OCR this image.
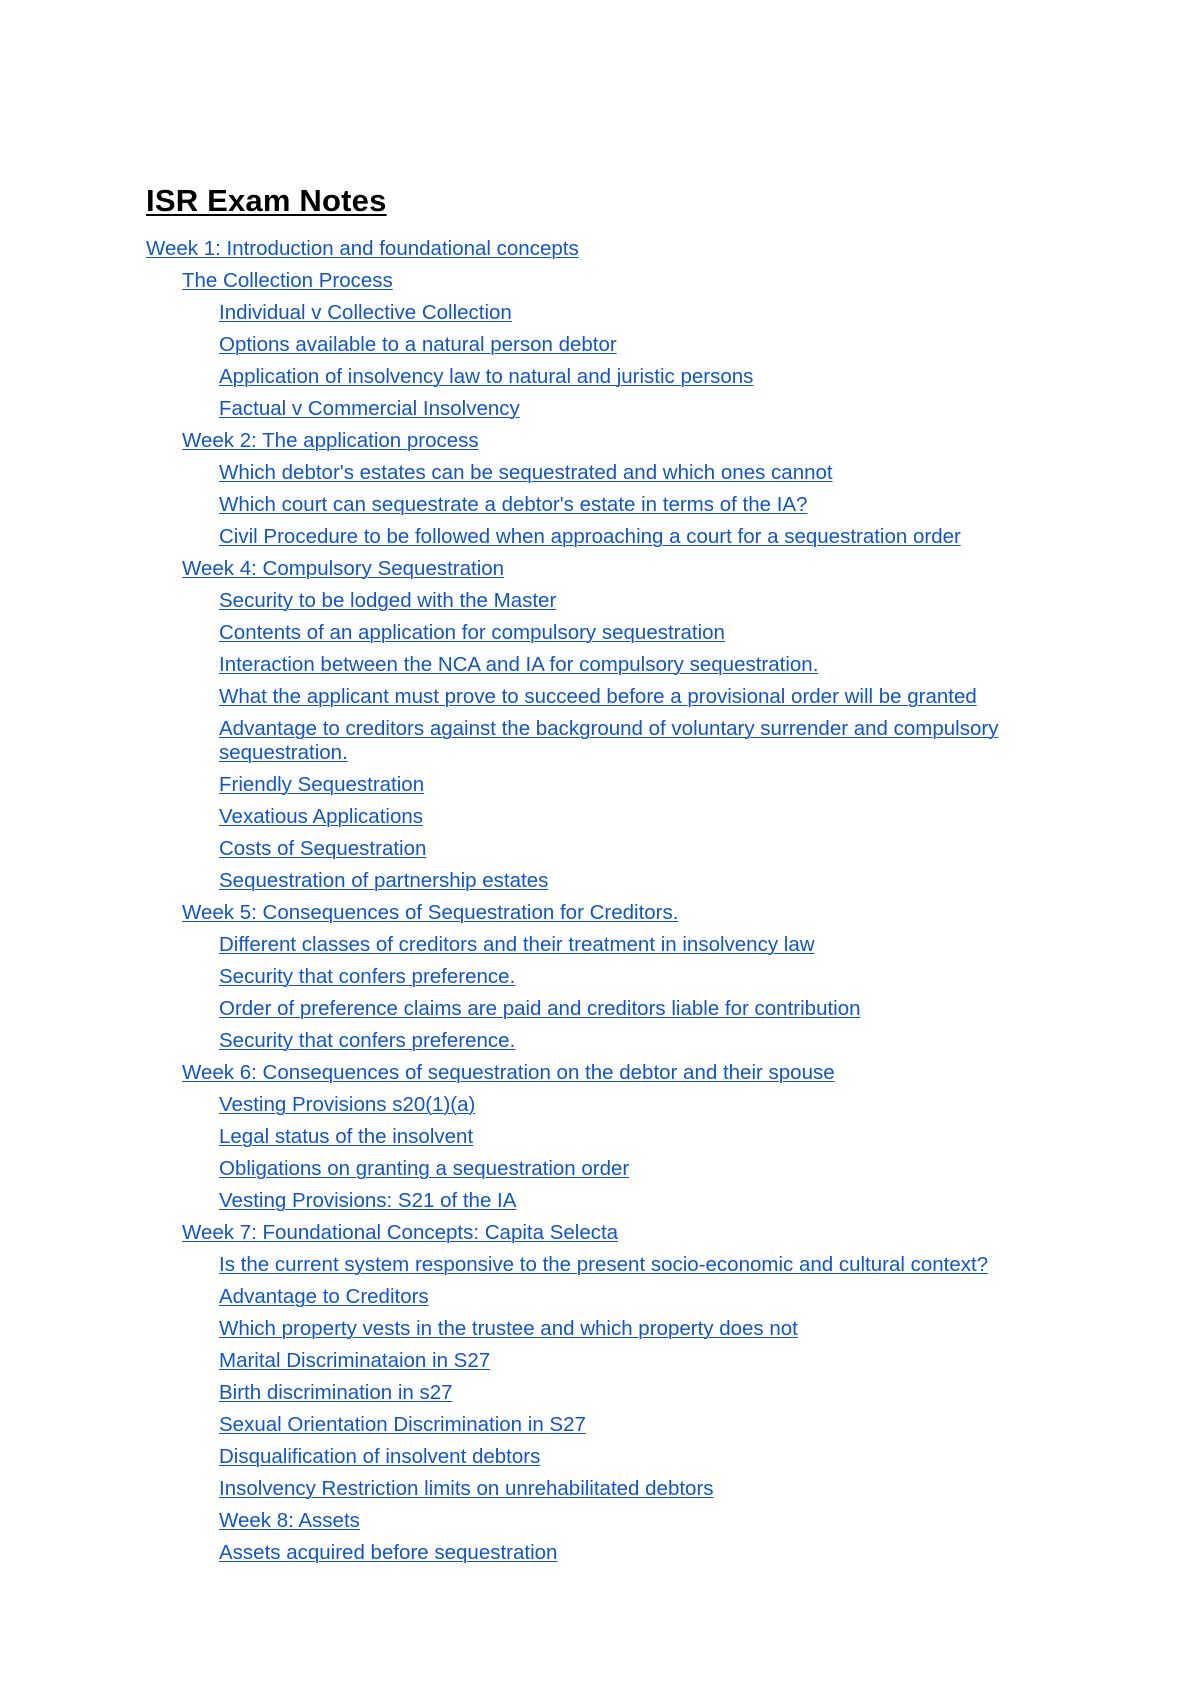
ISR Exam Notes
Week 1: Introduction and foundational concepts
The Collection Process
Individual v Collective Collection
Options available to a natural person debtor
Application of insolvency law to natural and juristic persons
Factual v Commercial Insolvency
Week 2: The application process
Which debtor's estates can be sequestrated and which ones cannot
Which court can sequestrate a debtor's estate in terms of the IA?
Civil Procedure to be followed when approaching a court for a sequestration order
Week 4: Compulsory Sequestration
Security to be lodged with the Master
Contents of an application for compulsory sequestration
Interaction between the NCA and IA for compulsory sequestration.
What the applicant must prove to succeed before a provisional order will be granted
Advantage to creditors against the background of voluntary surrender and compulsory sequestration.
Friendly Sequestration
Vexatious Applications
Costs of Sequestration
Sequestration of partnership estates
Week 5: Consequences of Sequestration for Creditors.
Different classes of creditors and their treatment in insolvency law
Security that confers preference.
Order of preference claims are paid and creditors liable for contribution
Security that confers preference.
Week 6: Consequences of sequestration on the debtor and their spouse
Vesting Provisions s20(1)(a)
Legal status of the insolvent
Obligations on granting a sequestration order
Vesting Provisions: S21 of the IA
Week 7: Foundational Concepts: Capita Selecta
Is the current system responsive to the present socio-economic and cultural context?
Advantage to Creditors
Which property vests in the trustee and which property does not
Marital Discriminataion in S27
Birth discrimination in s27
Sexual Orientation Discrimination in S27
Disqualification of insolvent debtors
Insolvency Restriction limits on unrehabilitated debtors
Week 8: Assets
Assets acquired before sequestration
